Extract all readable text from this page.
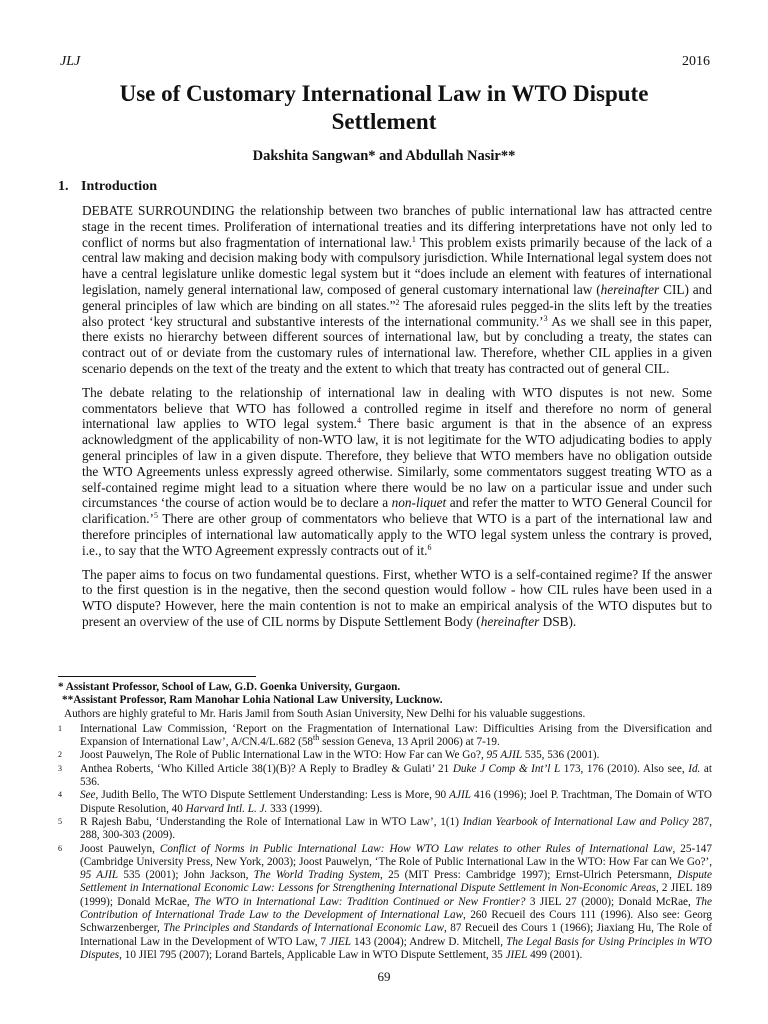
JLJ	2016
Use of Customary International Law in WTO Dispute Settlement
Dakshita Sangwan* and Abdullah Nasir**
1. Introduction

DEBATE SURROUNDING the relationship between two branches of public international law has attracted centre stage in the recent times. Proliferation of international treaties and its differing interpretations have not only led to conflict of norms but also fragmentation of international law.$^1$ This problem exists primarily because of the lack of a central law making and decision making body with compulsory jurisdiction. While International legal system does not have a central legislature unlike domestic legal system but it “does include an element with features of international legislation, namely general international law, composed of general customary international law (hereinafter CIL) and general principles of law which are binding on all states.”$^2$ The aforesaid rules pegged-in the slits left by the treaties also protect ‘key structural and substantive interests of the international community.’$^3$ As we shall see in this paper, there exists no hierarchy between different sources of international law, but by concluding a treaty, the states can contract out of or deviate from the customary rules of international law. Therefore, whether CIL applies in a given scenario depends on the text of the treaty and the extent to which that treaty has contracted out of general CIL.

The debate relating to the relationship of international law in dealing with WTO disputes is not new. Some commentators believe that WTO has followed a controlled regime in itself and therefore no norm of general international law applies to WTO legal system.$^4$ There basic argument is that in the absence of an express acknowledgment of the applicability of non-WTO law, it is not legitimate for the WTO adjudicating bodies to apply general principles of law in a given dispute. Therefore, they believe that WTO members have no obligation outside the WTO Agreements unless expressly agreed otherwise. Similarly, some commentators suggest treating WTO as a self-contained regime might lead to a situation where there would be no law on a particular issue and under such circumstances ‘the course of action would be to declare a non-liquet and refer the matter to WTO General Council for clarification.’$^5$ There are other group of commentators who believe that WTO is a part of the international law and therefore principles of international law automatically apply to the WTO legal system unless the contrary is proved, i.e., to say that the WTO Agreement expressly contracts out of it.$^6$

The paper aims to focus on two fundamental questions. First, whether WTO is a self-contained regime? If the answer to the first question is in the negative, then the second question would follow - how CIL rules have been used in a WTO dispute? However, here the main contention is not to make an empirical analysis of the WTO disputes but to present an overview of the use of CIL norms by Dispute Settlement Body (hereinafter DSB).

* Assistant Professor, School of Law, G.D. Goenka University, Gurgaon.
**Assistant Professor, Ram Manohar Lohia National Law University, Lucknow.
Authors are highly grateful to Mr. Haris Jamil from South Asian University, New Delhi for his valuable suggestions.
1	International Law Commission, ‘Report on the Fragmentation of International Law: Difficulties Arising from the Diversification and Expansion of International Law’, A/CN.4/L.682 (58th session Geneva, 13 April 2006) at 7-19.
2	Joost Pauwelyn, The Role of Public International Law in the WTO: How Far can We Go?, 95 AJIL 535, 536 (2001).
3	Anthea Roberts, ‘Who Killed Article 38(1)(B)? A Reply to Bradley & Gulati’ 21 Duke J Comp & Int’l L 173, 176 (2010). Also see, Id. at 536.
4	See, Judith Bello, The WTO Dispute Settlement Understanding: Less is More, 90 AJIL 416 (1996); Joel P. Trachtman, The Domain of WTO Dispute Resolution, 40 Harvard Intl. L. J. 333 (1999).
5	R Rajesh Babu, ‘Understanding the Role of International Law in WTO Law’, 1(1) Indian Yearbook of International Law and Policy 287, 288, 300-303 (2009).
6	Joost Pauwelyn, Conflict of Norms in Public International Law: How WTO Law relates to other Rules of International Law, 25-147 (Cambridge University Press, New York, 2003); Joost Pauwelyn, ‘The Role of Public International Law in the WTO: How Far can We Go?’, 95 AJIL 535 (2001); John Jackson, The World Trading System, 25 (MIT Press: Cambridge 1997); Ernst-Ulrich Petersmann, Dispute Settlement in International Economic Law: Lessons for Strengthening International Dispute Settlement in Non-Economic Areas, 2 JIEL 189 (1999); Donald McRae, The WTO in International Law: Tradition Continued or New Frontier? 3 JIEL 27 (2000); Donald McRae, The Contribution of International Trade Law to the Development of International Law, 260 Recueil des Cours 111 (1996). Also see: Georg Schwarzenberger, The Principles and Standards of International Economic Law, 87 Recueil des Cours 1 (1966); Jiaxiang Hu, The Role of International Law in the Development of WTO Law, 7 JIEL 143 (2004); Andrew D. Mitchell, The Legal Basis for Using Principles in WTO Disputes, 10 JIEl 795 (2007); Lorand Bartels, Applicable Law in WTO Dispute Settlement, 35 JIEL 499 (2001).
69
